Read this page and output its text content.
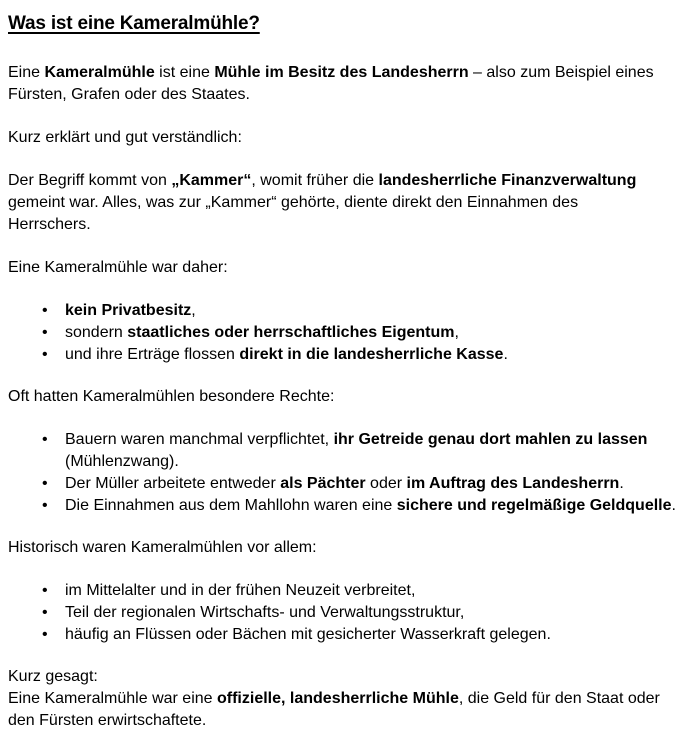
Was ist eine Kameralmühle?

Eine Kameralmühle ist eine Mühle im Besitz des Landesherrn – also zum Beispiel eines
Fürsten, Grafen oder des Staates.

Kurz erklärt und gut verständlich:

Der Begriff kommt von „Kammer“, womit früher die landesherrliche Finanzverwaltung
gemeint war. Alles, was zur „Kammer“ gehörte, diente direkt den Einnahmen des
Herrschers.

Eine Kameralmühle war daher:

• kein Privatbesitz,
• sondern staatliches oder herrschaftliches Eigentum,
• und ihre Erträge flossen direkt in die landesherrliche Kasse.

Oft hatten Kameralmühlen besondere Rechte:

• Bauern waren manchmal verpflichtet, ihr Getreide genau dort mahlen zu lassen
(Mühlenzwang).
• Der Müller arbeitete entweder als Pächter oder im Auftrag des Landesherrn.
• Die Einnahmen aus dem Mahllohn waren eine sichere und regelmäßige Geldquelle.

Historisch waren Kameralmühlen vor allem:

• im Mittelalter und in der frühen Neuzeit verbreitet,
• Teil der regionalen Wirtschafts- und Verwaltungsstruktur,
• häufig an Flüssen oder Bächen mit gesicherter Wasserkraft gelegen.

Kurz gesagt:
Eine Kameralmühle war eine offizielle, landesherrliche Mühle, die Geld für den Staat oder
den Fürsten erwirtschaftete.
